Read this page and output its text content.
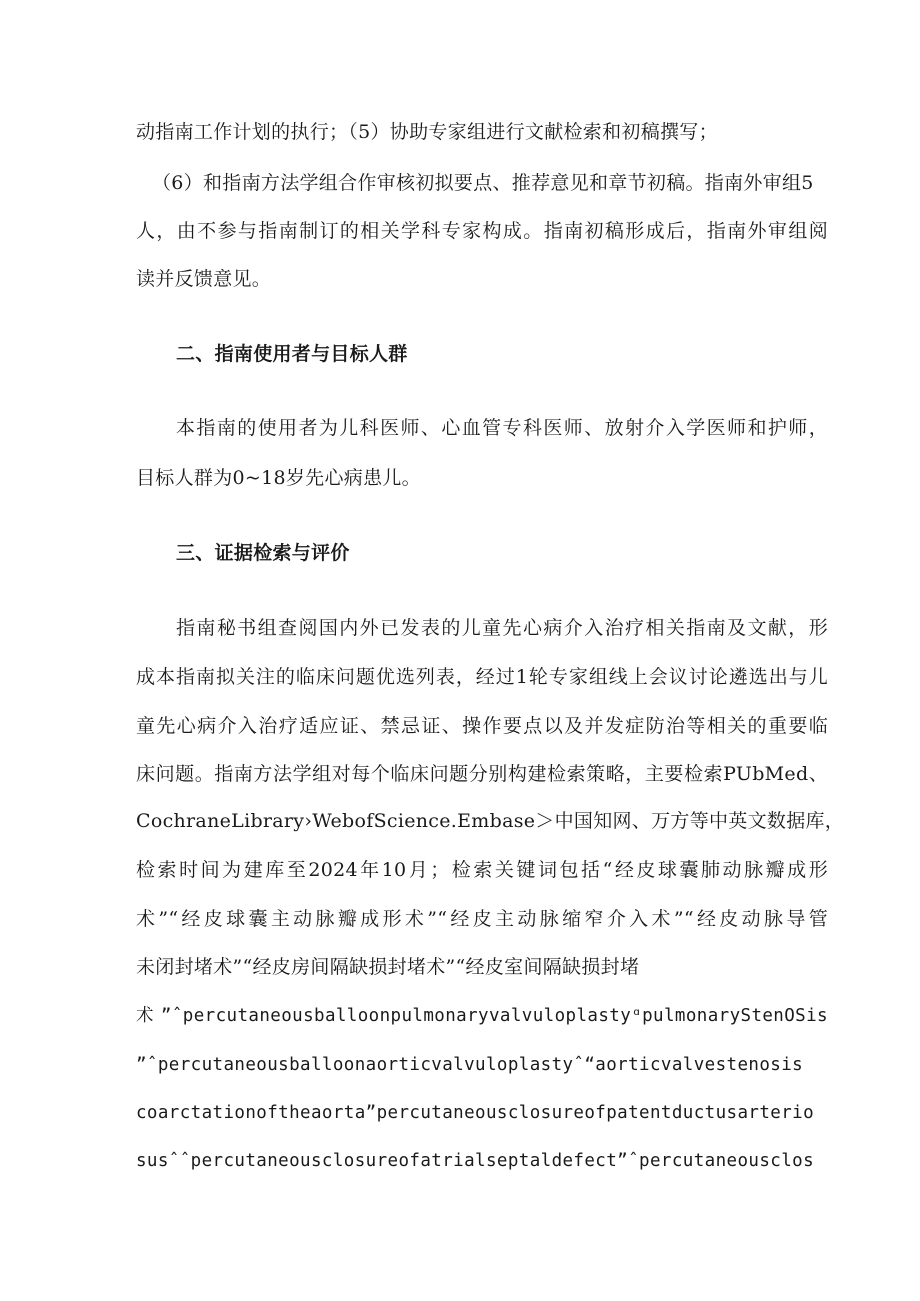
动指南工作计划的执行；（5）协助专家组进行文献检索和初稿撰写；
（6）和指南方法学组合作审核初拟要点、推荐意见和章节初稿。指南外审组5
人，由不参与指南制订的相关学科专家构成。指南初稿形成后，指南外审组阅
读并反馈意见。
二、指南使用者与目标人群
本指南的使用者为儿科医师、心血管专科医师、放射介入学医师和护师，
目标人群为0~18岁先心病患儿。
三、证据检索与评价
指南秘书组查阅国内外已发表的儿童先心病介入治疗相关指南及文献，形
成本指南拟关注的临床问题优选列表，经过1轮专家组线上会议讨论遴选出与儿
童先心病介入治疗适应证、禁忌证、操作要点以及并发症防治等相关的重要临
床问题。指南方法学组对每个临床问题分别构建检索策略，主要检索PUbMed、
CochraneLibrary›WebofScience.Embase＞中国知网、万方等中英文数据库，
检索时间为建库至2024年10月；检索关键词包括“经皮球囊肺动脉瓣成形
术”“经皮球囊主动脉瓣成形术”“经皮主动脉缩窄介入术”“经皮动脉导管
未闭封堵术”“经皮房间隔缺损封堵术”“经皮室间隔缺损封堵
术”ˆpercutaneousballoonpulmonaryvalvuloplastyᵅpulmonaryStenOSis
”ˆpercutaneousballoonaorticvalvuloplastyˆ“aorticvalvestenosis
coarctationoftheaorta”percutaneousclosureofpatentductusarterio
susˆˆpercutaneousclosureofatrialseptaldefect”ˆpercutaneousclos
